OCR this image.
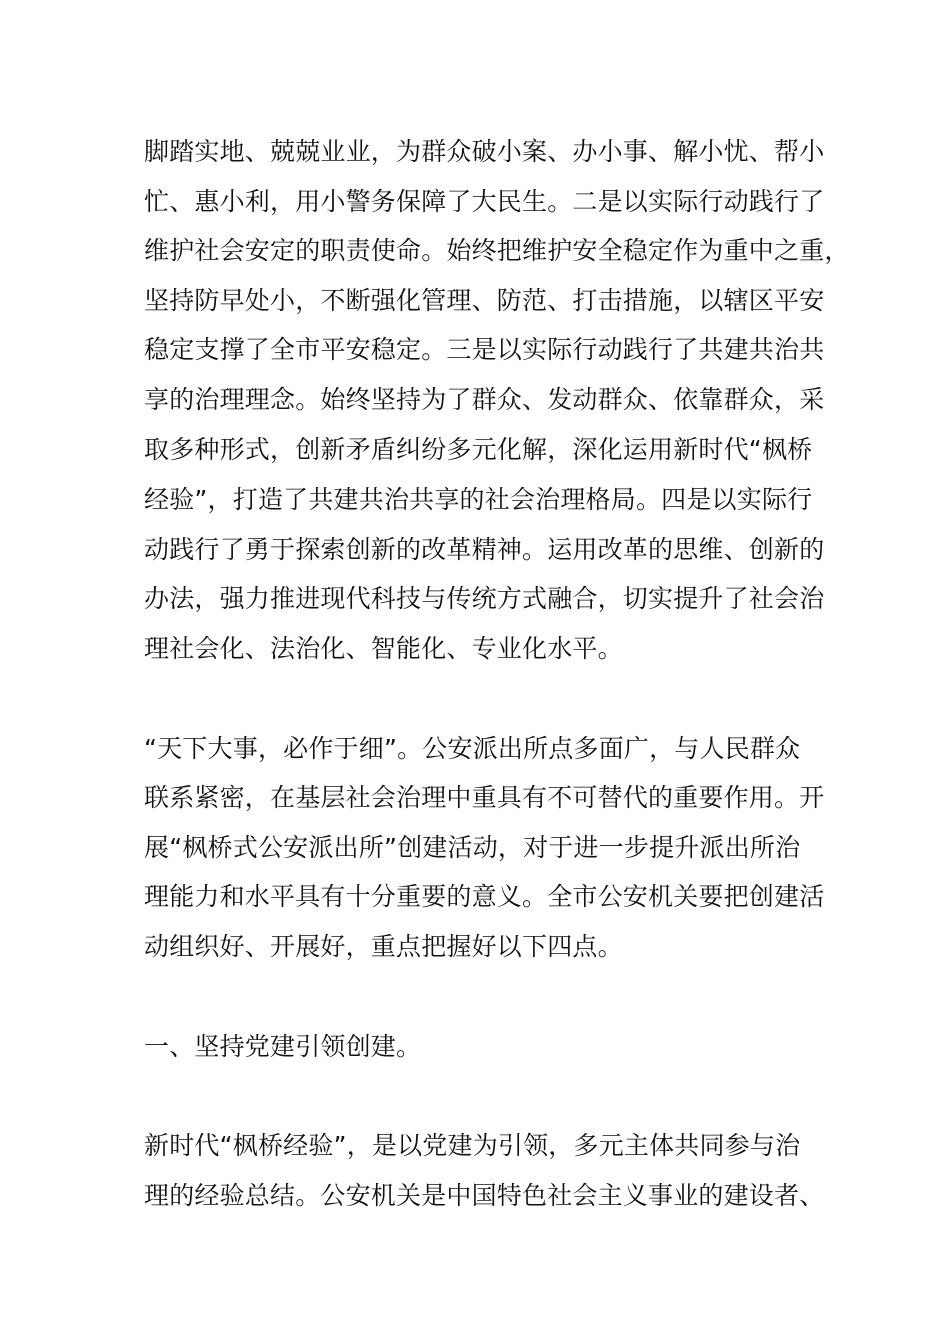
脚踏实地、兢兢业业，为群众破小案、办小事、解小忧、帮小
忙、惠小利，用小警务保障了大民生。二是以实际行动践行了
维护社会安定的职责使命。始终把维护安全稳定作为重中之重，
坚持防早处小，不断强化管理、防范、打击措施，以辖区平安
稳定支撑了全市平安稳定。三是以实际行动践行了共建共治共
享的治理理念。始终坚持为了群众、发动群众、依靠群众，采
取多种形式，创新矛盾纠纷多元化解，深化运用新时代“枫桥
经验”，打造了共建共治共享的社会治理格局。四是以实际行
动践行了勇于探索创新的改革精神。运用改革的思维、创新的
办法，强力推进现代科技与传统方式融合，切实提升了社会治
理社会化、法治化、智能化、专业化水平。
“天下大事，必作于细”。公安派出所点多面广，与人民群众
联系紧密，在基层社会治理中重具有不可替代的重要作用。开
展“枫桥式公安派出所”创建活动，对于进一步提升派出所治
理能力和水平具有十分重要的意义。全市公安机关要把创建活
动组织好、开展好，重点把握好以下四点。
一、坚持党建引领创建。
新时代“枫桥经验”，是以党建为引领，多元主体共同参与治
理的经验总结。公安机关是中国特色社会主义事业的建设者、
